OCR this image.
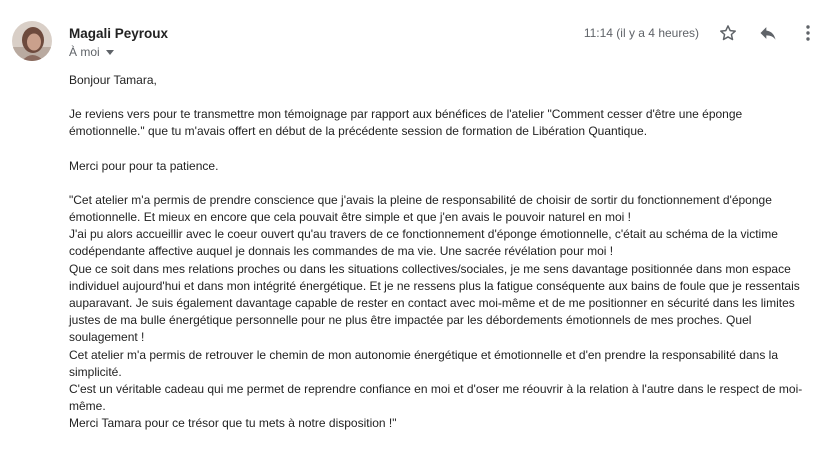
Magali Peyroux
À moi
11:14 (il y a 4 heures)

Bonjour Tamara,

Je reviens vers pour te transmettre mon témoignage par rapport aux bénéfices de l'atelier "Comment cesser d'être une éponge

émotionnelle." que tu m'avais offert en début de la précédente session de formation de Libération Quantique.

Merci pour pour ta patience.

"Cet atelier m'a permis de prendre conscience que j'avais la pleine de responsabilité de choisir de sortir du fonctionnement d'éponge

émotionnelle. Et mieux en encore que cela pouvait être simple et que j'en avais le pouvoir naturel en moi !

J'ai pu alors accueillir avec le coeur ouvert qu'au travers de ce fonctionnement d'éponge émotionnelle, c'était au schéma de la victime

codépendante affective auquel je donnais les commandes de ma vie. Une sacrée révélation pour moi !

Que ce soit dans mes relations proches ou dans les situations collectives/sociales, je me sens davantage positionnée dans mon espace

individuel aujourd'hui et dans mon intégrité énergétique. Et je ne ressens plus la fatigue conséquente aux bains de foule que je ressentais

auparavant. Je suis également davantage capable de rester en contact avec moi-même et de me positionner en sécurité dans les limites

justes de ma bulle énergétique personnelle pour ne plus être impactée par les débordements émotionnels de mes proches. Quel

soulagement !

Cet atelier m'a permis de retrouver le chemin de mon autonomie énergétique et émotionnelle et d'en prendre la responsabilité dans la

simplicité.

C'est un véritable cadeau qui me permet de reprendre confiance en moi et d'oser me réouvrir à la relation à l'autre dans le respect de moi-

même.

Merci Tamara pour ce trésor que tu mets à notre disposition !"
